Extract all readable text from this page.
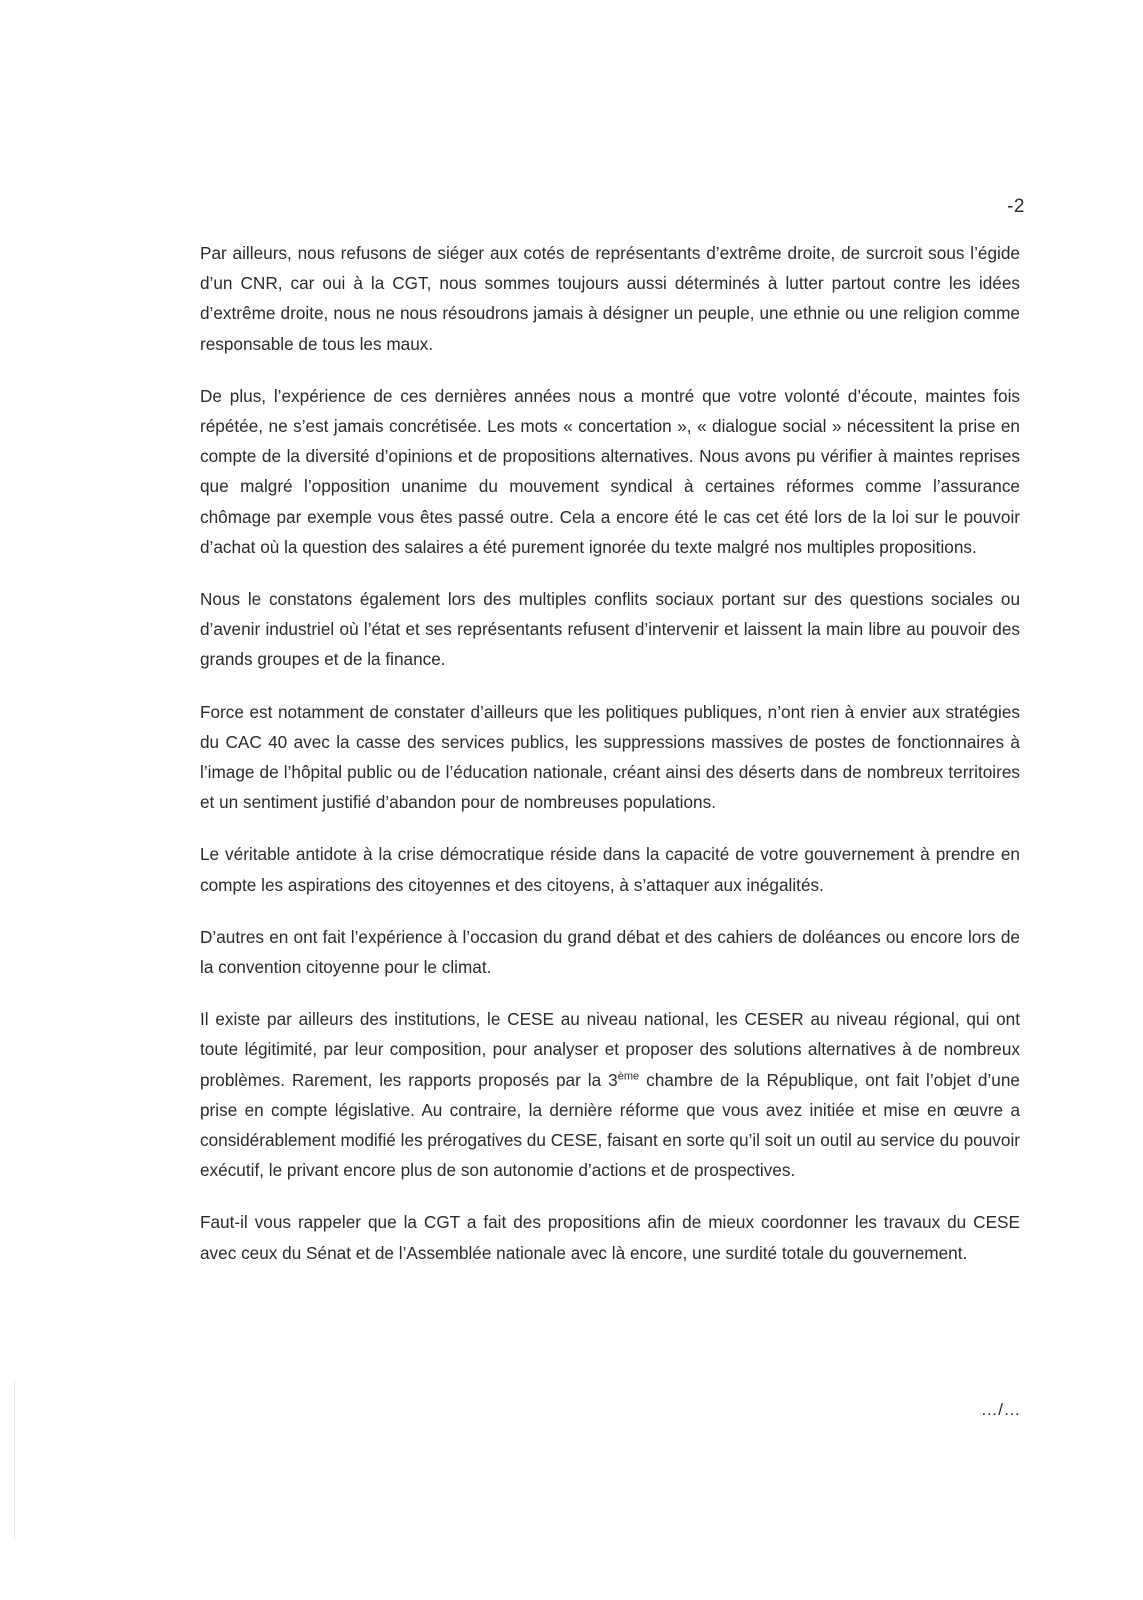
-2

Par ailleurs, nous refusons de siéger aux cotés de représentants d’extrême droite, de surcroit sous l’égide d’un CNR, car oui à la CGT, nous sommes toujours aussi déterminés à lutter partout contre les idées d’extrême droite, nous ne nous résoudrons jamais à désigner un peuple, une ethnie ou une religion comme responsable de tous les maux.

De plus, l’expérience de ces dernières années nous a montré que votre volonté d’écoute, maintes fois répétée, ne s’est jamais concrétisée. Les mots « concertation », « dialogue social » nécessitent la prise en compte de la diversité d’opinions et de propositions alternatives. Nous avons pu vérifier à maintes reprises que malgré l’opposition unanime du mouvement syndical à certaines réformes comme l’assurance chômage par exemple vous êtes passé outre. Cela a encore été le cas cet été lors de la loi sur le pouvoir d’achat où la question des salaires a été purement ignorée du texte malgré nos multiples propositions.

Nous le constatons également lors des multiples conflits sociaux portant sur des questions sociales ou d’avenir industriel où l’état et ses représentants refusent d’intervenir et laissent la main libre au pouvoir des grands groupes et de la finance.

Force est notamment de constater d’ailleurs que les politiques publiques, n’ont rien à envier aux stratégies du CAC 40 avec la casse des services publics, les suppressions massives de postes de fonctionnaires à l’image de l’hôpital public ou de l’éducation nationale, créant ainsi des déserts dans de nombreux territoires et un sentiment justifié d’abandon pour de nombreuses populations.

Le véritable antidote à la crise démocratique réside dans la capacité de votre gouvernement à prendre en compte les aspirations des citoyennes et des citoyens, à s’attaquer aux inégalités.

D’autres en ont fait l’expérience à l’occasion du grand débat et des cahiers de doléances ou encore lors de la convention citoyenne pour le climat.

Il existe par ailleurs des institutions, le CESE au niveau national, les CESER au niveau régional, qui ont toute légitimité, par leur composition, pour analyser et proposer des solutions alternatives à de nombreux problèmes. Rarement, les rapports proposés par la 3ème chambre de la République, ont fait l’objet d’une prise en compte législative. Au contraire, la dernière réforme que vous avez initiée et mise en œuvre a considérablement modifié les prérogatives du CESE, faisant en sorte qu’il soit un outil au service du pouvoir exécutif, le privant encore plus de son autonomie d’actions et de prospectives.

Faut-il vous rappeler que la CGT a fait des propositions afin de mieux coordonner les travaux du CESE avec ceux du Sénat et de l’Assemblée nationale avec là encore, une surdité totale du gouvernement.

…/…
